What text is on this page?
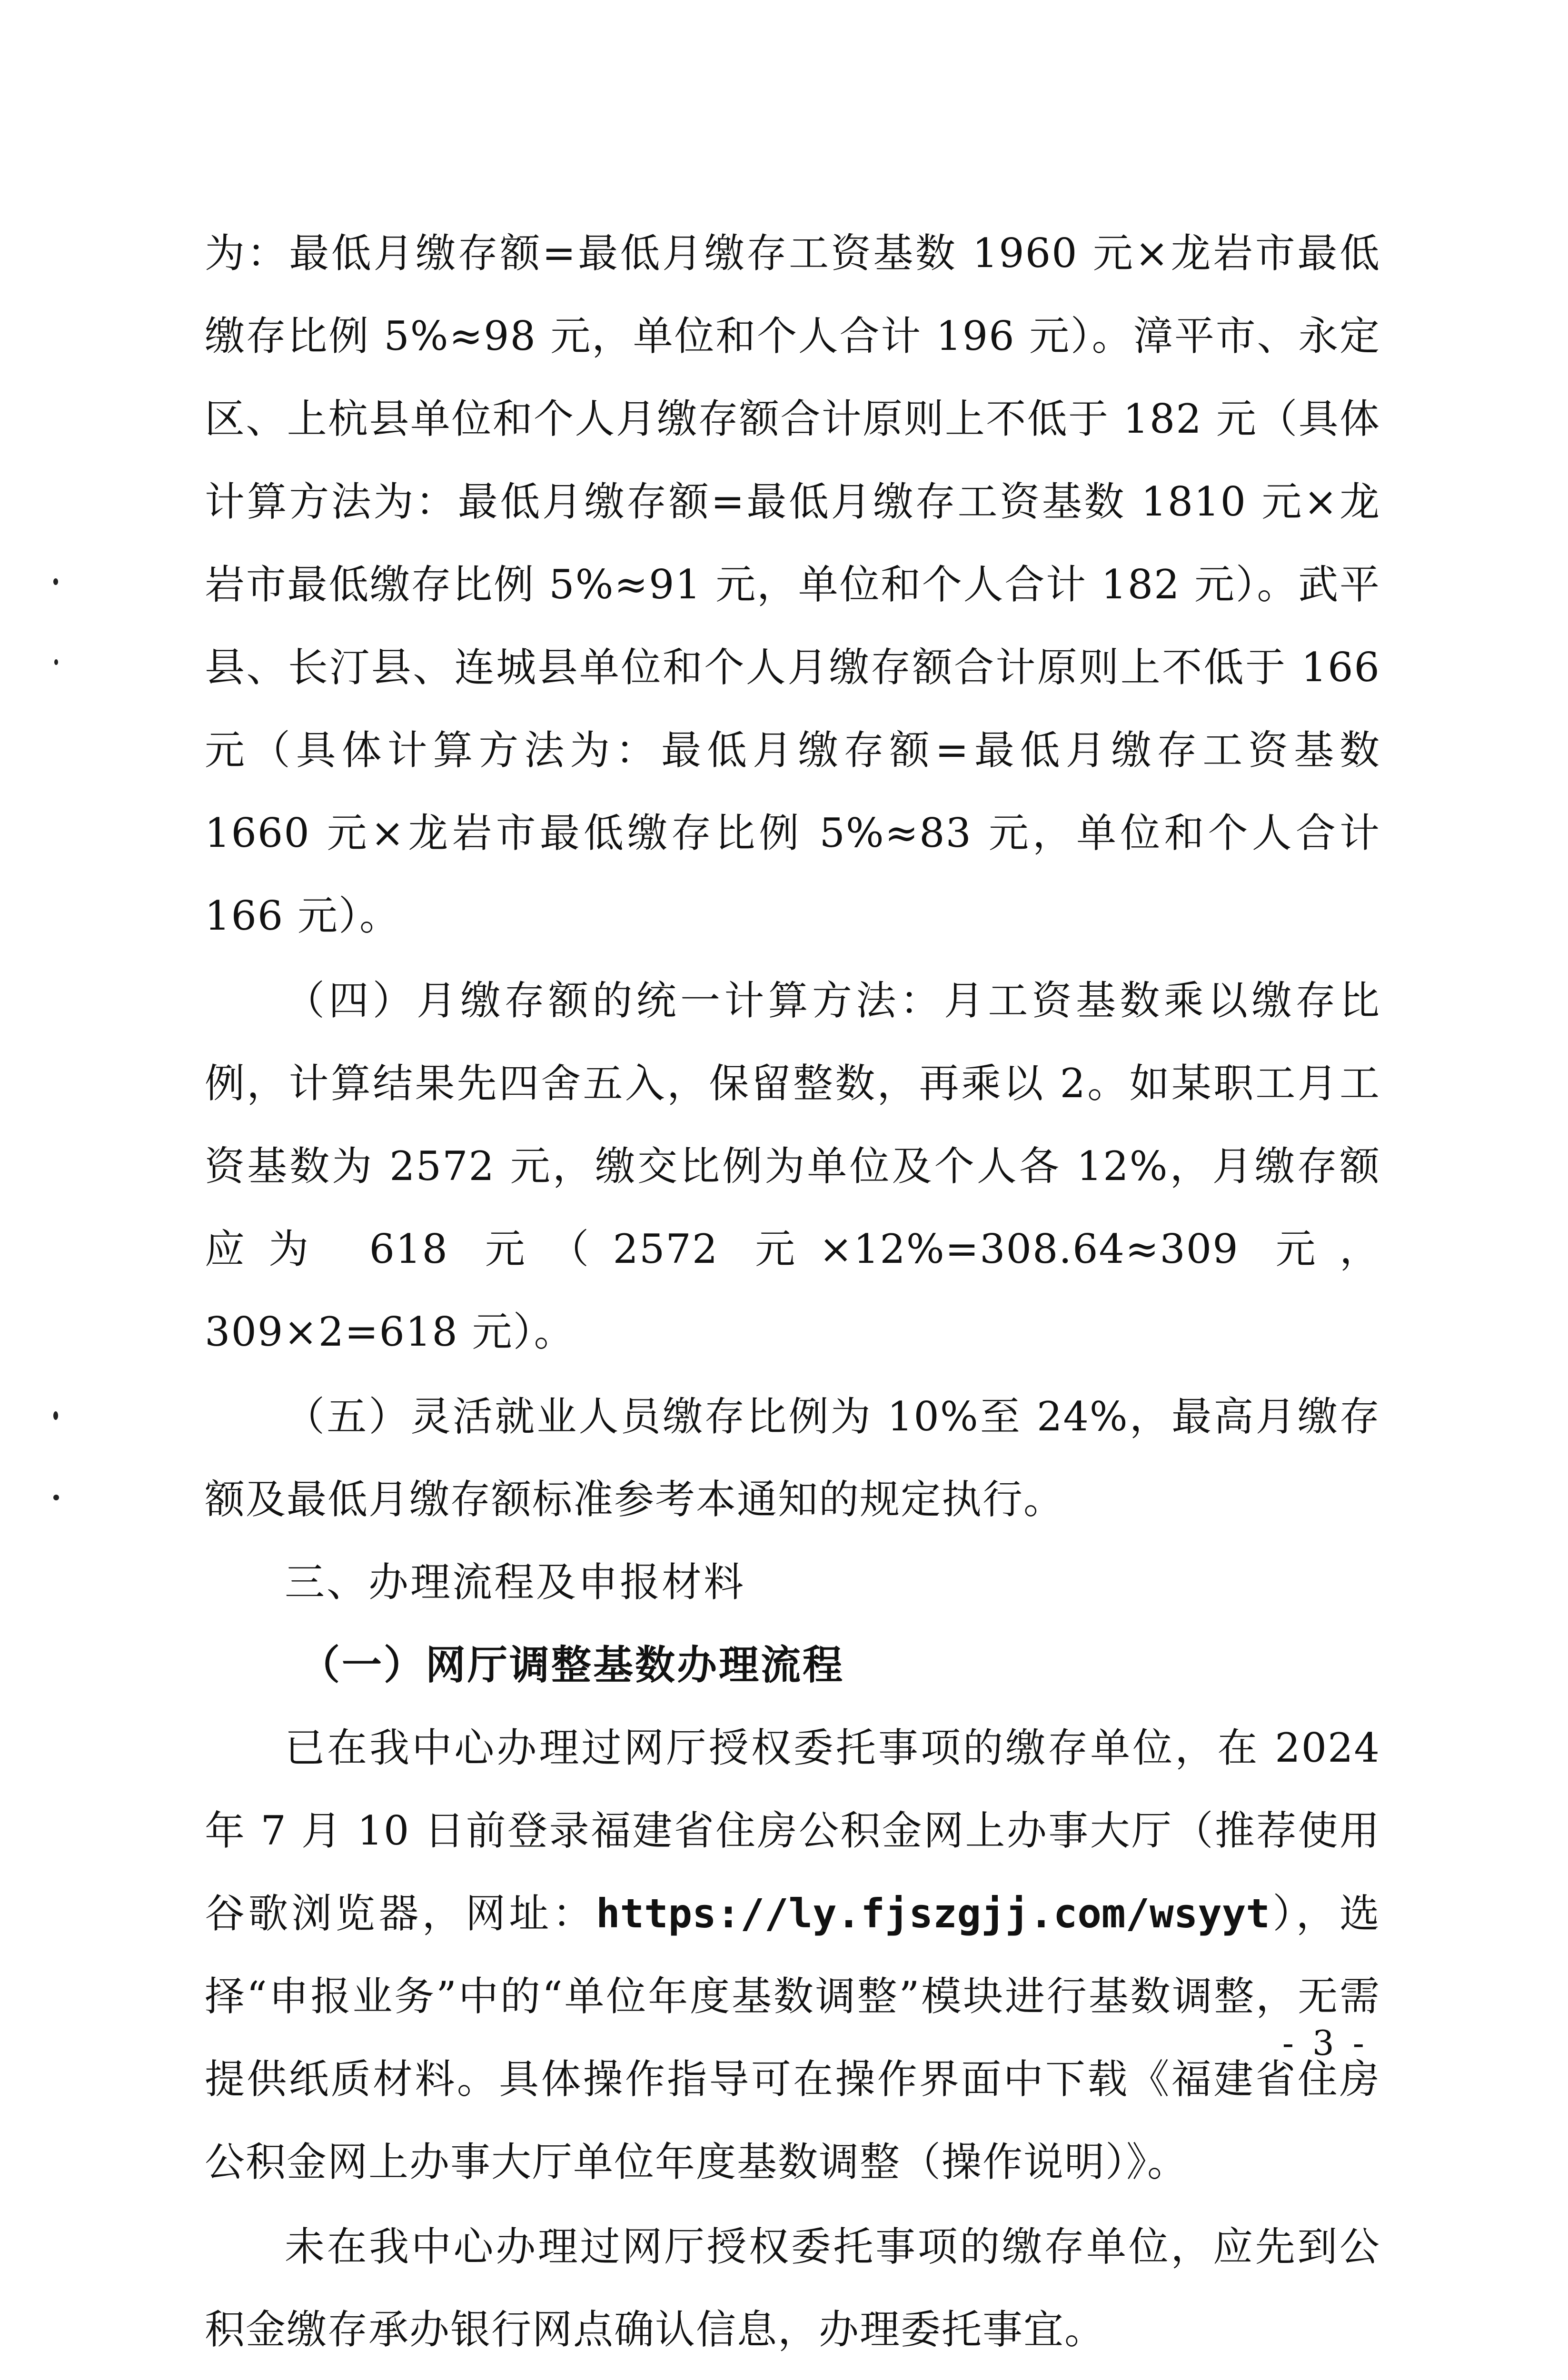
为：最低月缴存额=最低月缴存工资基数 1960 元×龙岩市最低缴存比例 5%≈98 元，单位和个人合计 196 元）。漳平市、永定区、上杭县单位和个人月缴存额合计原则上不低于 182 元（具体计算方法为：最低月缴存额=最低月缴存工资基数 1810 元×龙岩市最低缴存比例 5%≈91 元，单位和个人合计 182 元）。武平县、长汀县、连城县单位和个人月缴存额合计原则上不低于 166 元（具体计算方法为：最低月缴存额=最低月缴存工资基数 1660 元×龙岩市最低缴存比例 5%≈83 元，单位和个人合计 166 元）。

（四）月缴存额的统一计算方法：月工资基数乘以缴存比例，计算结果先四舍五入，保留整数，再乘以 2。如某职工月工资基数为 2572 元，缴交比例为单位及个人各 12%，月缴存额应为 618 元（2572 元×12%=308.64≈309 元，309×2=618 元）。

（五）灵活就业人员缴存比例为 10%至 24%，最高月缴存额及最低月缴存额标准参考本通知的规定执行。

三、办理流程及申报材料

（一）网厅调整基数办理流程

已在我中心办理过网厅授权委托事项的缴存单位，在 2024 年 7 月 10 日前登录福建省住房公积金网上办事大厅（推荐使用谷歌浏览器，网址：https://ly.fjszgjj.com/wsyyt），选择“申报业务”中的“单位年度基数调整”模块进行基数调整，无需提供纸质材料。具体操作指导可在操作界面中下载《福建省住房公积金网上办事大厅单位年度基数调整（操作说明）》。

未在我中心办理过网厅授权委托事项的缴存单位，应先到公积金缴存承办银行网点确认信息，办理委托事宜。

- 3 -
